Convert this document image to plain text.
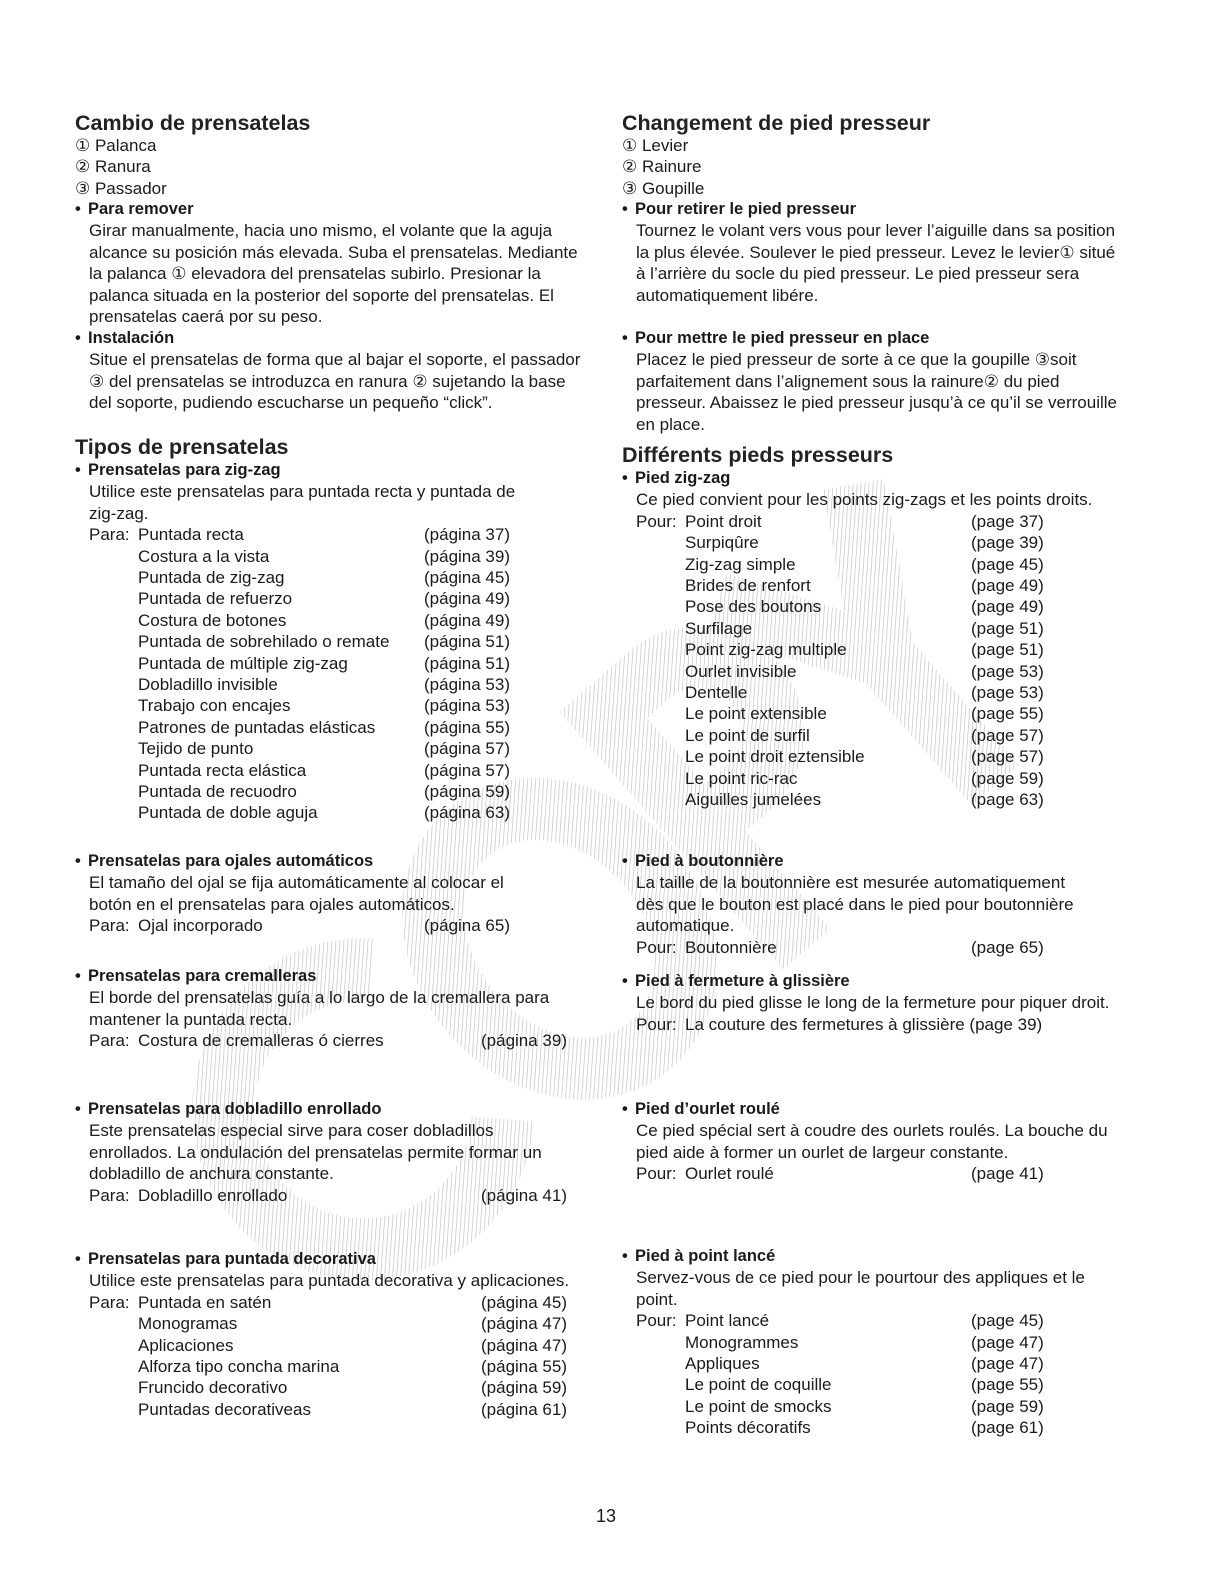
Cambio de prensatelas
① Palanca
② Ranura
③ Passador
• Para remover
Girar manualmente, hacia uno mismo, el volante que la aguja
alcance su posición más elevada. Suba el prensatelas. Mediante
la palanca ① elevadora del prensatelas subirlo. Presionar la
palanca situada en la posterior del soporte del prensatelas. El
prensatelas caerá por su peso.
• Instalación
Situe el prensatelas de forma que al bajar el soporte, el passador
③ del prensatelas se introduzca en ranura ② sujetando la base
del soporte, pudiendo escucharse un pequeño “click”.
Tipos de prensatelas
• Prensatelas para zig-zag
Utilice este prensatelas para puntada recta y puntada de
zig-zag.
Para: Puntada recta	(página 37)
Costura a la vista	(página 39)
Puntada de zig-zag	(página 45)
Puntada de refuerzo	(página 49)
Costura de botones	(página 49)
Puntada de sobrehilado o remate (página 51)
Puntada de múltiple zig-zag	(página 51)
Dobladillo invisible	(página 53)
Trabajo con encajes	(página 53)
Patrones de puntadas elásticas	(página 55)
Tejido de punto	(página 57)
Puntada recta elástica	(página 57)
Puntada de recuodro	(página 59)
Puntada de doble aguja	(página 63)
• Prensatelas para ojales automáticos
El tamaño del ojal se fija automáticamente al colocar el
botón en el prensatelas para ojales automáticos.
Para: Ojal incorporado	(página 65)
• Prensatelas para cremalleras
El borde del prensatelas guía a lo largo de la cremallera para
mantener la puntada recta.
Para: Costura de cremalleras ó cierres	(página 39)
• Prensatelas para dobladillo enrollado
Este prensatelas especial sirve para coser dobladillos
enrollados. La ondulación del prensatelas permite formar un
dobladillo de anchura constante.
Para: Dobladillo enrollado	(página 41)
• Prensatelas para puntada decorativa
Utilice este prensatelas para puntada decorativa y aplicaciones.
Para: Puntada en satén	(página 45)
Monogramas	(página 47)
Aplicaciones	(página 47)
Alforza tipo concha marina	(página 55)
Fruncido decorativo	(página 59)
Puntadas decorativeas	(página 61)
Changement de pied presseur
① Levier
② Rainure
③ Goupille
• Pour retirer le pied presseur
Tournez le volant vers vous pour lever l’aiguille dans sa position
la plus élevée. Soulever le pied presseur. Levez le levier① situé
à l’arrière du socle du pied presseur. Le pied presseur sera
automatiquement libére.
• Pour mettre le pied presseur en place
Placez le pied presseur de sorte à ce que la goupille ③soit
parfaitement dans l’alignement sous la rainure② du pied
presseur. Abaissez le pied presseur jusqu’à ce qu’il se verrouille
en place.
Différents pieds presseurs
• Pied zig-zag
Ce pied convient pour les points zig-zags et les points droits.
Pour: Point droit	(page 37)
Surpiqûre	(page 39)
Zig-zag simple	(page 45)
Brides de renfort	(page 49)
Pose des boutons	(page 49)
Surfilage	(page 51)
Point zig-zag multiple	(page 51)
Ourlet invisible	(page 53)
Dentelle	(page 53)
Le point extensible	(page 55)
Le point de surfil	(page 57)
Le point droit eztensible	(page 57)
Le point ric-rac	(page 59)
Aiguilles jumelées	(page 63)
• Pied à boutonnière
La taille de la boutonnière est mesurée automatiquement
dès que le bouton est placé dans le pied pour boutonnière
automatique.
Pour: Boutonnière	(page 65)
• Pied à fermeture à glissière
Le bord du pied glisse le long de la fermeture pour piquer droit.
Pour: La couture des fermetures à glissière (page 39)
• Pied d’ourlet roulé
Ce pied spécial sert à coudre des ourlets roulés. La bouche du
pied aide à former un ourlet de largeur constante.
Pour: Ourlet roulé	(page 41)
• Pied à point lancé
Servez-vous de ce pied pour le pourtour des appliques et le
point.
Pour: Point lancé	(page 45)
Monogrammes	(page 47)
Appliques	(page 47)
Le point de coquille	(page 55)
Le point de smocks	(page 59)
Points décoratifs	(page 61)
13
